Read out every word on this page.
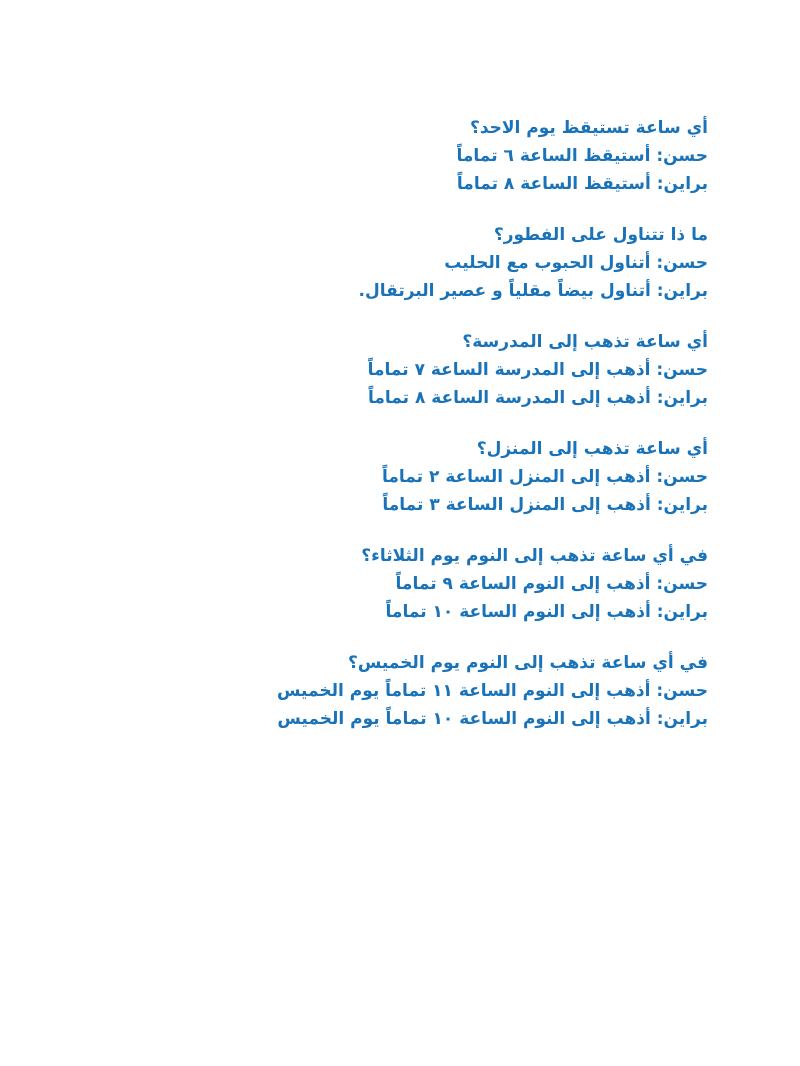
أي ساعة تستيقظ يوم الاحد؟
حسن: أستيقظ الساعة ٦ تماماً
براين: أستيقظ الساعة ٨ تماماً
ما ذا تتناول على الفطور؟
حسن: أتناول الحبوب مع الحليب
براين: أتناول بيضاً مقلياً و عصير البرتقال.
أي ساعة تذهب إلى المدرسة؟
حسن: أذهب إلى المدرسة الساعة ٧ تماماً
براين: أذهب إلى المدرسة الساعة ٨ تماماً
أي ساعة تذهب إلى المنزل؟
حسن: أذهب إلى المنزل الساعة ٢ تماماً
براين: أذهب إلى المنزل الساعة ٣ تماماً
في أي ساعة تذهب إلى النوم يوم الثلاثاء؟
حسن: أذهب إلى النوم الساعة ٩ تماماً
براين: أذهب إلى النوم الساعة ١٠ تماماً
في أي ساعة تذهب إلى النوم يوم الخميس؟
حسن: أذهب إلى النوم الساعة ١١ تماماً يوم الخميس
براين: أذهب إلى النوم الساعة ١٠ تماماً يوم الخميس
